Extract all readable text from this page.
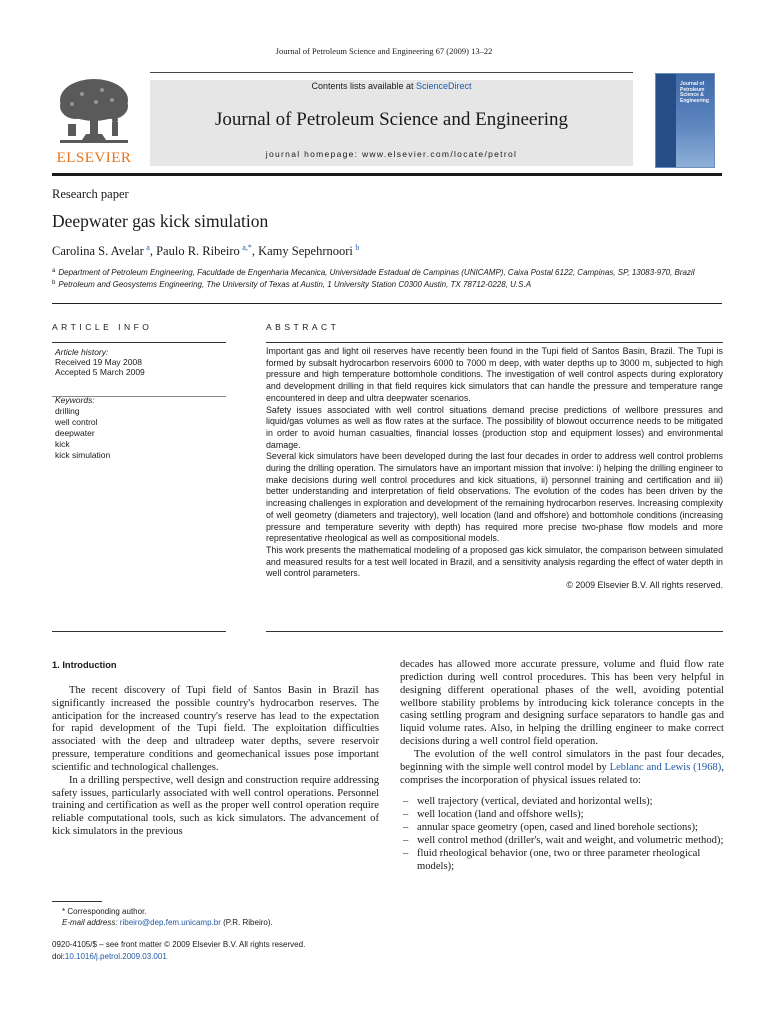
Journal of Petroleum Science and Engineering 67 (2009) 13–22
ELSEVIER
Contents lists available at ScienceDirect
Journal of Petroleum Science and Engineering
journal homepage: www.elsevier.com/locate/petrol
Journal of
Petroleum
Science &
Engineering
Research paper
Deepwater gas kick simulation
Carolina S. Avelar  $^a$, Paulo R. Ribeiro  $^{a,*}$, Kamy Sepehrnoori  $^b$
$^a$ Department of Petroleum Engineering, Faculdade de Engenharia Mecanica, Universidade Estadual de Campinas (UNICAMP), Caixa Postal 6122, Campinas, SP, 13083-970, Brazil
$^b$ Petroleum and Geosystems Engineering, The University of Texas at Austin, 1 University Station C0300 Austin, TX 78712-0228, U.S.A
ARTICLE INFO
Article history:
Received 19 May 2008
Accepted 5 March 2009
Keywords:
drilling
well control
deepwater
kick
kick simulation
ABSTRACT

Important gas and light oil reserves have recently been found in the Tupi field of Santos Basin, Brazil. The Tupi is formed by subsalt hydrocarbon reservoirs 6000 to 7000 m deep, with water depths up to 3000 m, subjected to high pressure and high temperature bottomhole conditions. The investigation of well control aspects during exploratory and development drilling in that field requires kick simulators that can handle the pressure and temperature range encountered in deep and ultra deepwater scenarios.

Safety issues associated with well control situations demand precise predictions of wellbore pressures and liquid/gas volumes as well as flow rates at the surface. The possibility of blowout occurrence needs to be mitigated in order to avoid human casualties, financial losses (production stop and equipment losses) and environmental damage.

Several kick simulators have been developed during the last four decades in order to address well control problems during the drilling operation. The simulators have an important mission that involve: i) helping the drilling engineer to make decisions during well control procedures and kick situations, ii) personnel training and certification and iii) better understanding and interpretation of field observations. The evolution of the codes has been driven by the increasing challenges in exploration and development of the remaining hydrocarbon reserves. Increasing complexity of well geometry (diameters and trajectory), well location (land and offshore) and bottomhole conditions (increasing pressure and temperature severity with depth) has required more precise two-phase flow models and more representative rheological as well as compositional models.

This work presents the mathematical modeling of a proposed gas kick simulator, the comparison between simulated and measured results for a test well located in Brazil, and a sensitivity analysis regarding the effect of water depth in well control parameters.

© 2009 Elsevier B.V. All rights reserved.

1. Introduction

The recent discovery of Tupi field of Santos Basin in Brazil has significantly increased the possible country's hydrocarbon reserves. The anticipation for the increased country's reserve has lead to the expectation for rapid development of the Tupi field. The exploitation difficulties associated with the deep and ultradeep water depths, severe reservoir pressure, temperature conditions and geomechanical issues pose important scientific and technological challenges.

In a drilling perspective, well design and construction require addressing safety issues, particularly associated with well control operations. Personnel training and certification as well as the proper well control operation require reliable computational tools, such as kick simulators. The advancement of kick simulators in the previous

* Corresponding author.
E-mail address: ribeiro@dep.fem.unicamp.br (P.R. Ribeiro).
0920-4105/$ – see front matter © 2009 Elsevier B.V. All rights reserved.
doi:10.1016/j.petrol.2009.03.001

decades has allowed more accurate pressure, volume and fluid flow rate prediction during well control procedures. This has been very helpful in designing different operational phases of the well, avoiding potential wellbore stability problems by introducing kick tolerance concepts in the casing settling program and designing surface separators to handle gas and liquid volume rates. Also, in helping the drilling engineer to make correct decisions during a well control field operation.

The evolution of the well control simulators in the past four decades, beginning with the simple well control model by Leblanc and Lewis (1968), comprises the incorporation of physical issues related to:

– well trajectory (vertical, deviated and horizontal wells);
– well location (land and offshore wells);
– annular space geometry (open, cased and lined borehole sections);
– well control method (driller's, wait and weight, and volumetric method);
– fluid rheological behavior (one, two or three parameter rheological models);
